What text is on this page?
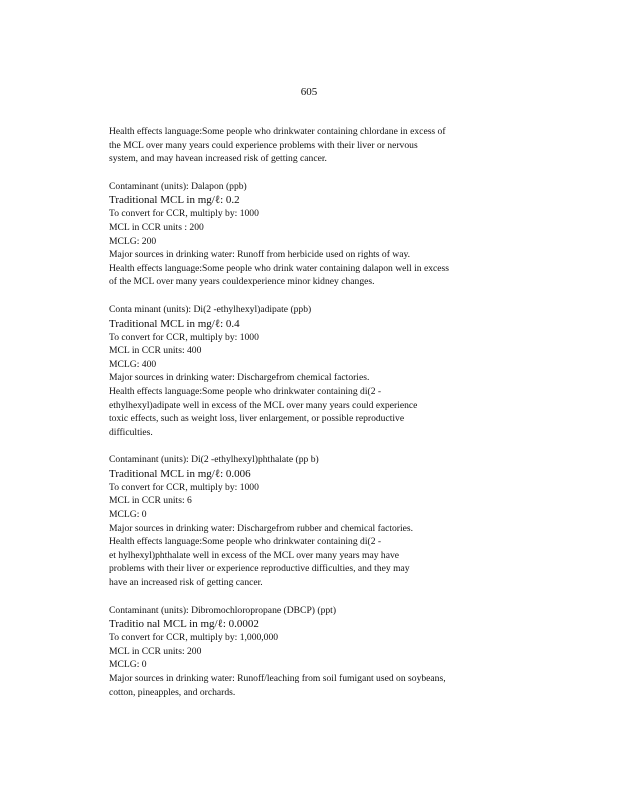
605
Health effects language:Some people who drinkwater containing chlordane in excess of
the MCL over many years could experience problems with their liver or nervous
system, and may havean increased risk of getting cancer.
Contaminant (units): Dalapon (ppb)
Traditional MCL in mg/ℓ: 0.2
To convert for CCR, multiply by: 1000
MCL in CCR units : 200
MCLG: 200
Major sources in drinking water: Runoff from herbicide used on rights of way.
Health effects language:Some people who drink water containing dalapon well in excess
of the MCL over many years couldexperience minor kidney changes.
Conta minant (units): Di(2 -ethylhexyl)adipate (ppb)
Traditional MCL in mg/ℓ: 0.4
To convert for CCR, multiply by: 1000
MCL in CCR units: 400
MCLG: 400
Major sources in drinking water: Dischargefrom chemical factories.
Health effects language:Some people who drinkwater containing di(2 -
ethylhexyl)adipate well in excess of the MCL over many years could experience
toxic effects, such as weight loss, liver enlargement, or possible reproductive
difficulties.
Contaminant (units): Di(2 -ethylhexyl)phthalate (pp b)
Traditional MCL in mg/ℓ: 0.006
To convert for CCR, multiply by: 1000
MCL in CCR units: 6
MCLG: 0
Major sources in drinking water: Dischargefrom rubber and chemical factories.
Health effects language:Some people who drinkwater containing di(2 -
et hylhexyl)phthalate well in excess of the MCL over many years may have
problems with their liver or experience reproductive difficulties, and they may
have an increased risk of getting cancer.
Contaminant (units): Dibromochloropropane (DBCP) (ppt)
Traditio nal MCL in mg/ℓ: 0.0002
To convert for CCR, multiply by: 1,000,000
MCL in CCR units: 200
MCLG: 0
Major sources in drinking water: Runoff/leaching from soil fumigant used on soybeans,
cotton, pineapples, and orchards.
